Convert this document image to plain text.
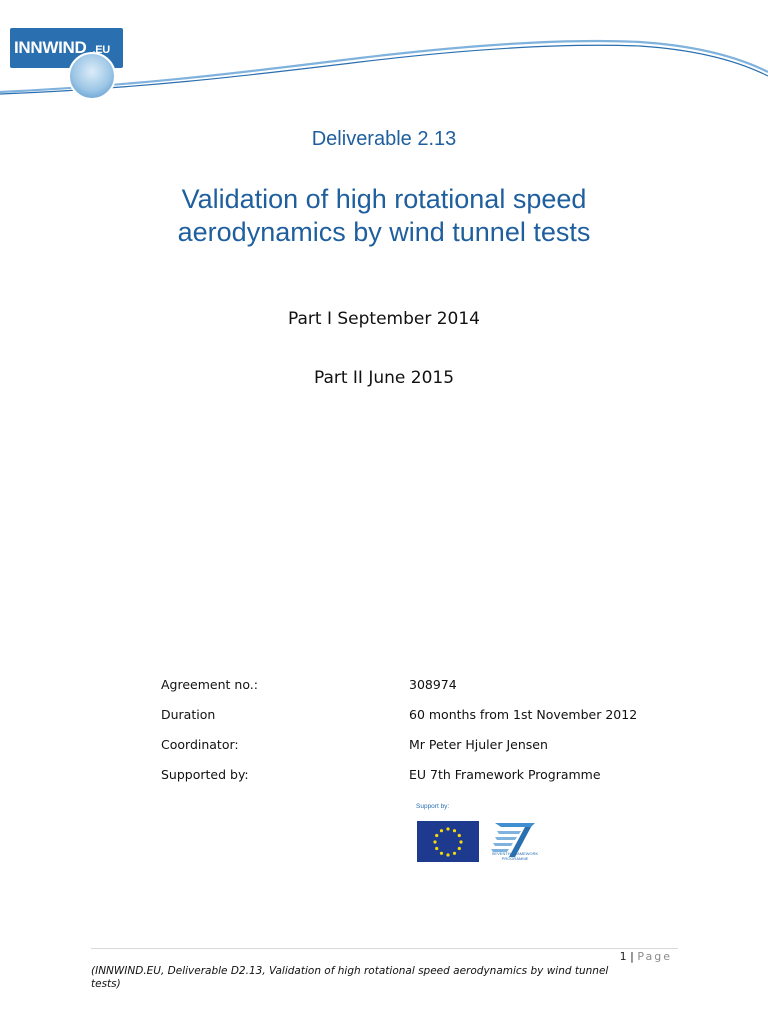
INNWIND .EU
Deliverable 2.13
Validation of high rotational speed
aerodynamics by wind tunnel tests
Part I September 2014
Part II June 2015
Agreement no.:	308974
Duration	60 months from 1st November 2012
Coordinator:	Mr Peter Hjuler Jensen
Supported by:	EU 7th Framework Programme
Support by:
SEVENTH FRAMEWORK
PROGRAMME
1 | Page
(INNWIND.EU, Deliverable D2.13, Validation of high rotational speed aerodynamics by wind tunnel tests)
